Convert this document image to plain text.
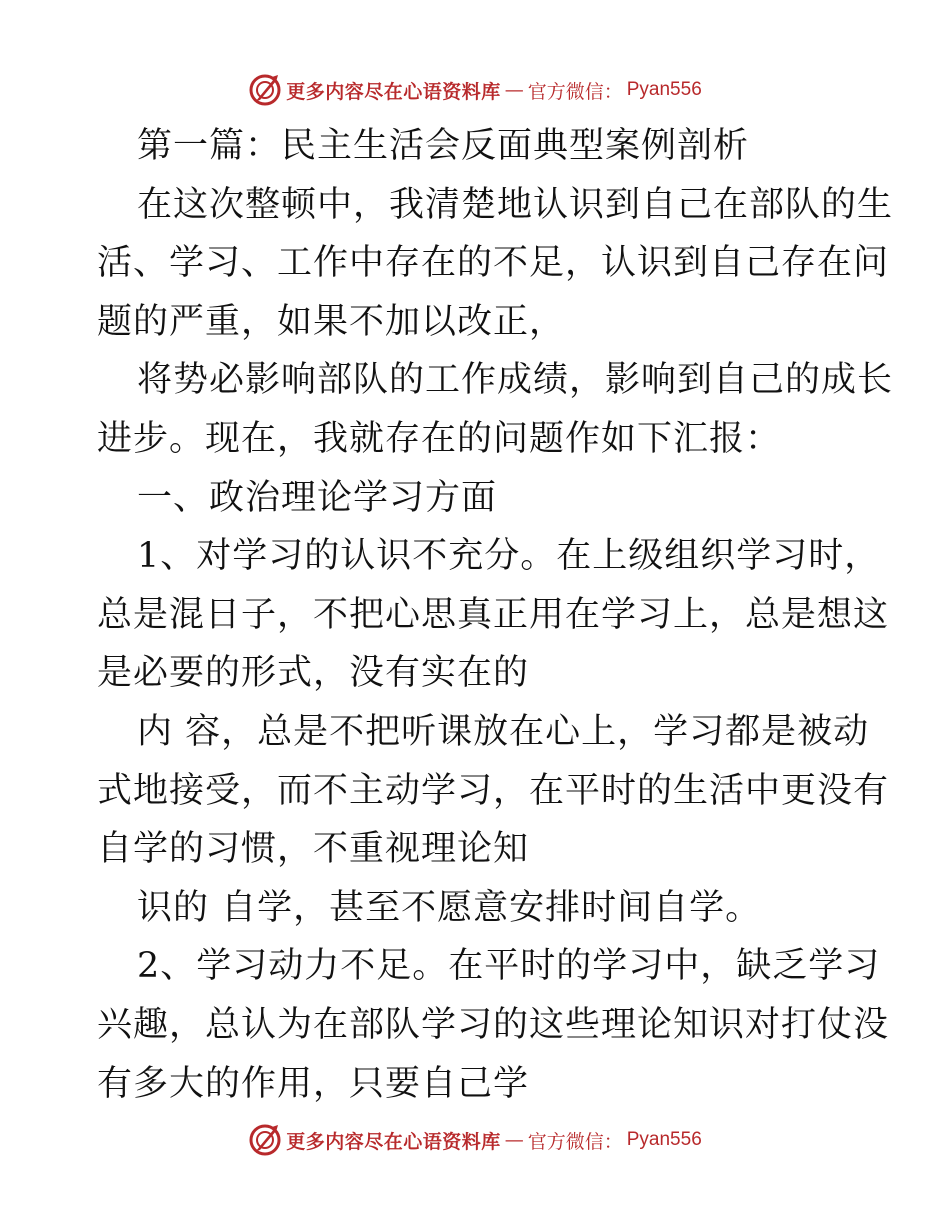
更多内容尽在心语资料库 — 官方微信： Pyan556
第一篇：民主生活会反面典型案例剖析
在这次整顿中，我清楚地认识到自己在部队的生
活、学习、工作中存在的不足，认识到自己存在问
题的严重，如果不加以改正，
将势必影响部队的工作成绩，影响到自己的成长
进步。现在，我就存在的问题作如下汇报：
一、政治理论学习方面
1、对学习的认识不充分。在上级组织学习时，
总是混日子，不把心思真正用在学习上，总是想这
是必要的形式，没有实在的
内 容，总是不把听课放在心上，学习都是被动
式地接受，而不主动学习，在平时的生活中更没有
自学的习惯，不重视理论知
识的 自学，甚至不愿意安排时间自学。
2、学习动力不足。在平时的学习中，缺乏学习
兴趣，总认为在部队学习的这些理论知识对打仗没
有多大的作用，只要自己学
更多内容尽在心语资料库 — 官方微信： Pyan556
